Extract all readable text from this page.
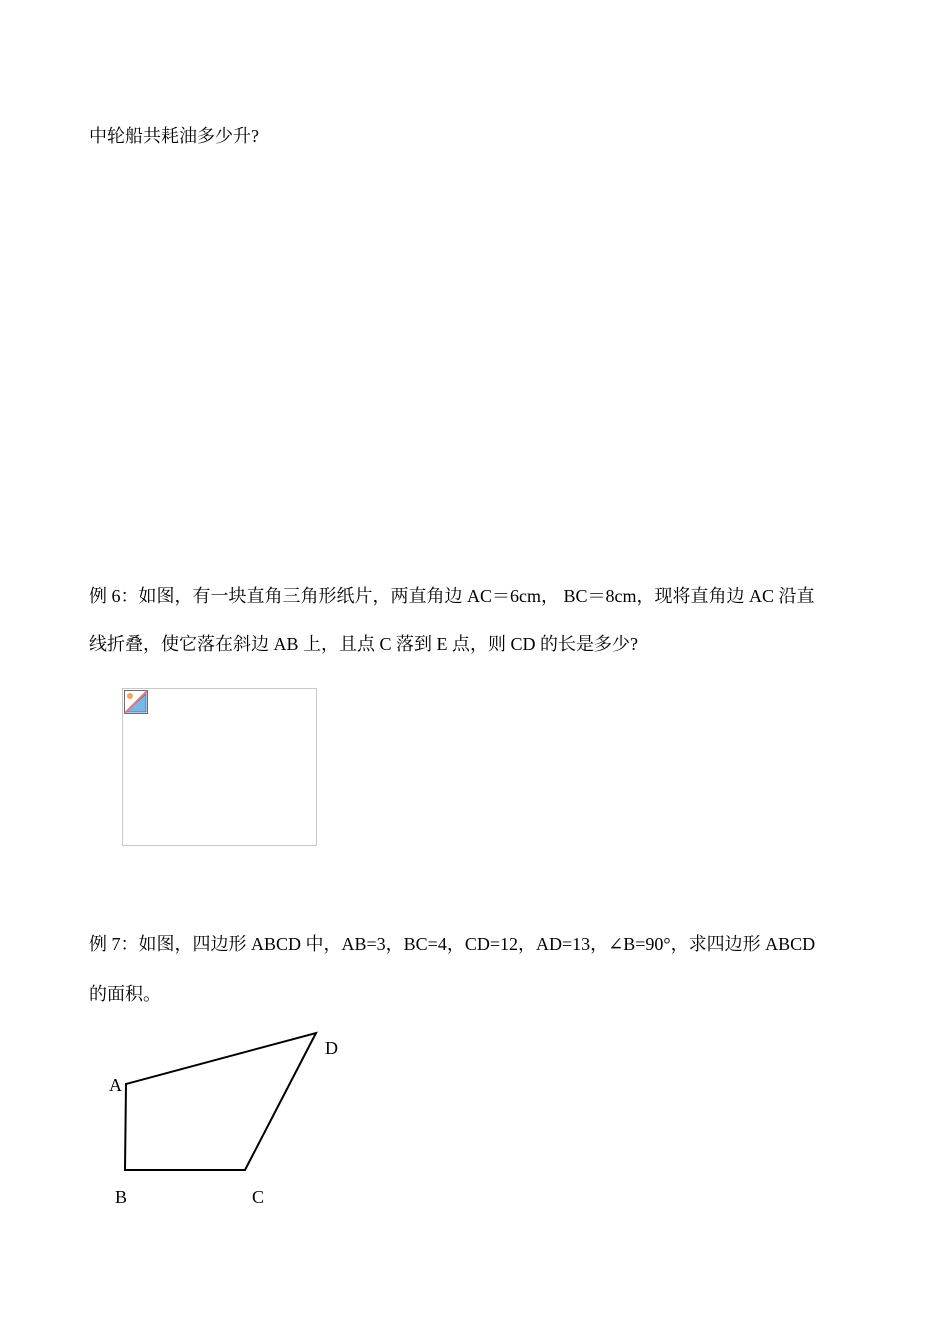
中轮船共耗油多少升?
例 6：如图，有一块直角三角形纸片，两直角边 AC＝6cm， BC＝8cm，现将直角边 AC 沿直
线折叠，使它落在斜边 AB 上，且点 C 落到 E 点，则 CD 的长是多少?
例 7：如图，四边形 ABCD 中，AB=3，BC=4，CD=12，AD=13，∠B=90°，求四边形 ABCD
的面积。
A
B	C
D
